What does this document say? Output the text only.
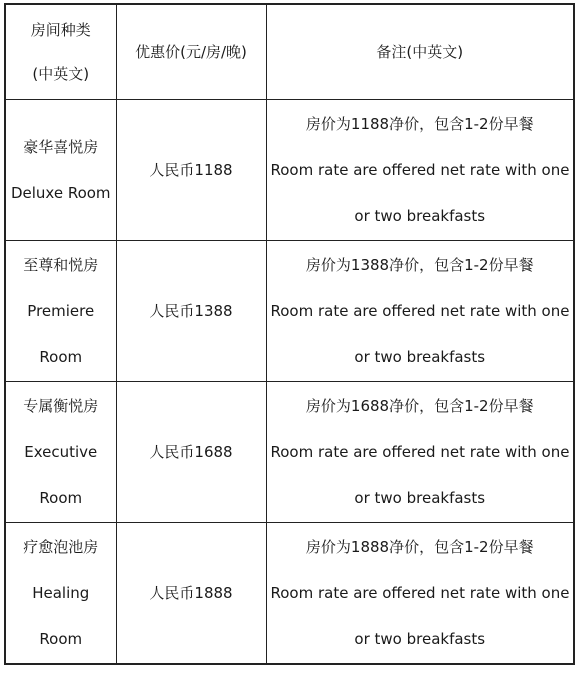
房间种类
(中英文)	优惠价(元/房/晚)	备注(中英文)

豪华喜悦房
Deluxe Room	人民币1188	房价为1188净价，包含1-2份早餐
Room rate are offered net rate with one
or two breakfasts

至尊和悦房
Premiere
Room	人民币1388	房价为1388净价，包含1-2份早餐
Room rate are offered net rate with one
or two breakfasts

专属衡悦房
Executive
Room	人民币1688	房价为1688净价，包含1-2份早餐
Room rate are offered net rate with one
or two breakfasts

疗愈泡池房
Healing
Room	人民币1888	房价为1888净价，包含1-2份早餐
Room rate are offered net rate with one
or two breakfasts
